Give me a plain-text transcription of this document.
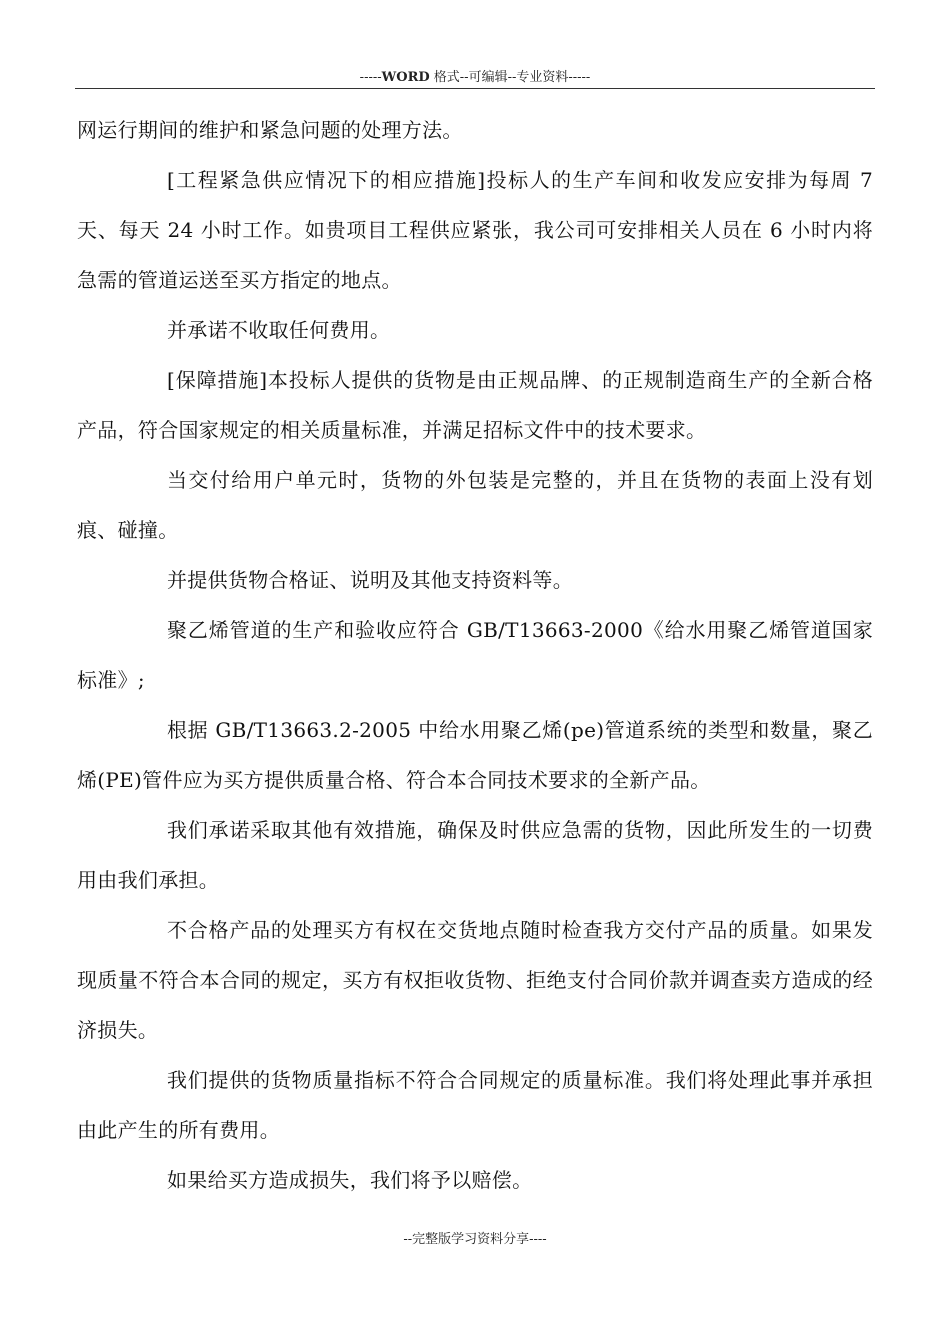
-----WORD 格式--可编辑--专业资料-----

网运行期间的维护和紧急问题的处理方法。

[工程紧急供应情况下的相应措施]投标人的生产车间和收发应安排为每周 7 天、每天 24 小时工作。如贵项目工程供应紧张，我公司可安排相关人员在 6 小时内将急需的管道运送至买方指定的地点。

并承诺不收取任何费用。

[保障措施]本投标人提供的货物是由正规品牌、的正规制造商生产的全新合格产品，符合国家规定的相关质量标准，并满足招标文件中的技术要求。

当交付给用户单元时，货物的外包装是完整的，并且在货物的表面上没有划痕、碰撞。

并提供货物合格证、说明及其他支持资料等。

聚乙烯管道的生产和验收应符合 GB/T13663-2000《给水用聚乙烯管道国家标准》;

根据 GB/T13663.2-2005 中给水用聚乙烯(pe)管道系统的类型和数量，聚乙烯(PE)管件应为买方提供质量合格、符合本合同技术要求的全新产品。

我们承诺采取其他有效措施，确保及时供应急需的货物，因此所发生的一切费用由我们承担。

不合格产品的处理买方有权在交货地点随时检查我方交付产品的质量。如果发现质量不符合本合同的规定，买方有权拒收货物、拒绝支付合同价款并调查卖方造成的经济损失。

我们提供的货物质量指标不符合合同规定的质量标准。我们将处理此事并承担由此产生的所有费用。

如果给买方造成损失，我们将予以赔偿。

--完整版学习资料分享----
